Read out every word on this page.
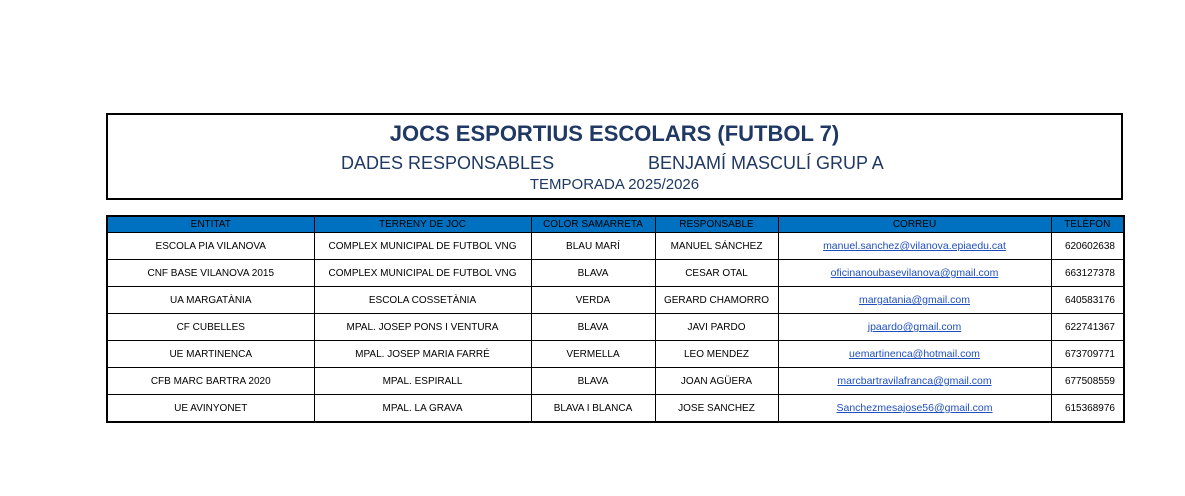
JOCS ESPORTIUS ESCOLARS (FUTBOL 7)
DADES RESPONSABLES	BENJAMÍ MASCULÍ GRUP A
TEMPORADA 2025/2026
ENTITAT	TERRENY DE JOC	COLOR SAMARRETA	RESPONSABLE	CORREU	TELÈFON
ESCOLA PIA VILANOVA	COMPLEX MUNICIPAL DE FUTBOL VNG	BLAU MARÍ	MANUEL SÁNCHEZ	manuel.sanchez@vilanova.epiaedu.cat	620602638
CNF BASE VILANOVA 2015	COMPLEX MUNICIPAL DE FUTBOL VNG	BLAVA	CESAR OTAL	oficinanoubasevilanova@gmail.com	663127378
UA MARGATÀNIA	ESCOLA COSSETÀNIA	VERDA	GERARD CHAMORRO	margatania@gmail.com	640583176
CF CUBELLES	MPAL. JOSEP PONS I VENTURA	BLAVA	JAVI PARDO	jpaardo@gmail.com	622741367
UE MARTINENCA	MPAL. JOSEP MARIA FARRÉ	VERMELLA	LEO MENDEZ	uemartinenca@hotmail.com	673709771
CFB MARC BARTRA 2020	MPAL. ESPIRALL	BLAVA	JOAN AGÜERA	marcbartravilafranca@gmail.com	677508559
UE AVINYONET	MPAL. LA GRAVA	BLAVA I BLANCA	JOSE SANCHEZ	Sanchezmesajose56@gmail.com	615368976
